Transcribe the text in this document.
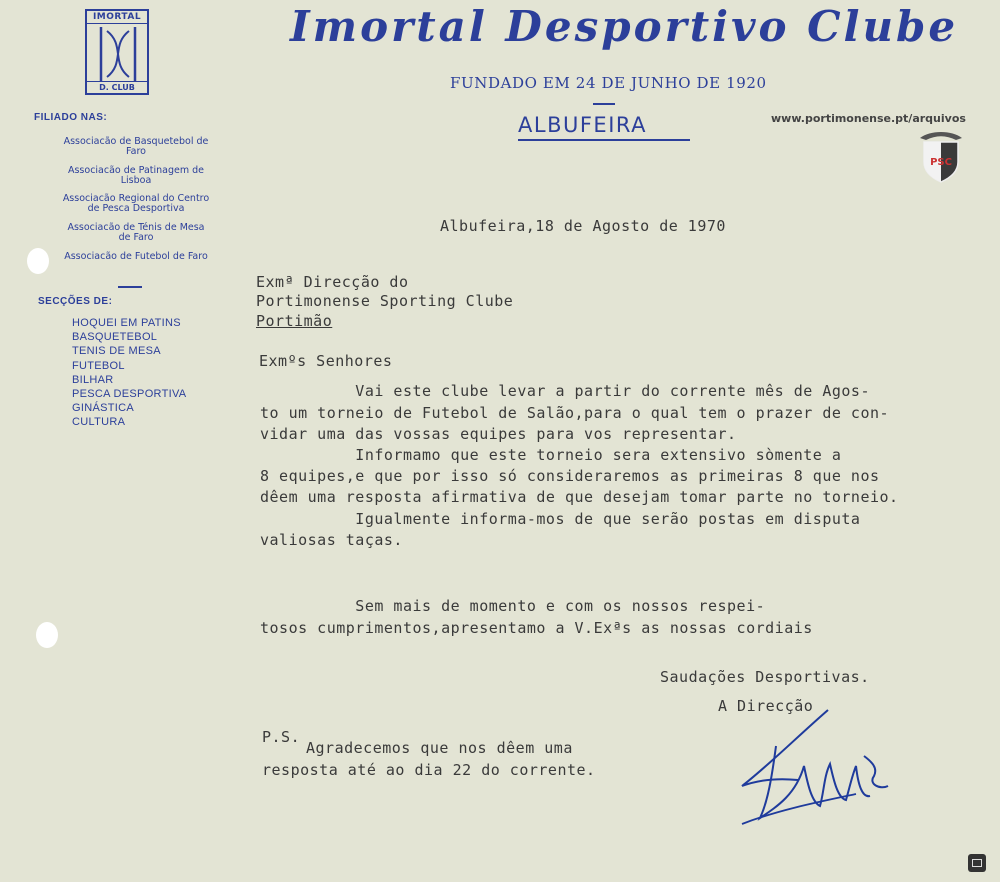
IMORTAL
D. CLUB
Imortal Desportivo Clube
FUNDADO EM 24 DE JUNHO DE 1920
ALBUFEIRA
FILIADO NAS:
Associacão de Basquetebol de Faro
Associacão de Patinagem de Lisboa
Associacão Regional do Centro de Pesca Desportiva
Associacão de Ténis de Mesa de Faro
Associacão de Futebol de Faro
SECÇÕES DE:
HOQUEI EM PATINS
BASQUETEBOL
TENIS DE MESA
FUTEBOL
BILHAR
PESCA DESPORTIVA
GINÁSTICA
CULTURA
www.portimonense.pt/arquivos
PSC
Albufeira,18 de Agosto de 1970
Exmª Direcção do
Portimonense Sporting Clube
Portimão
Exmºs Senhores
Vai este clube levar a partir do corrente mês de Agos-
to um torneio de Futebol de Salão,para o qual tem o prazer de con-
vidar uma das vossas equipes para vos representar.
Informamo que este torneio sera extensivo sòmente a
8 equipes,e que por isso só consideraremos as primeiras 8 que nos
dêem uma resposta afirmativa de que desejam tomar parte no torneio.
Igualmente informa-mos de que serão postas em disputa
valiosas taças.
Sem mais de momento e com os nossos respei-
tosos cumprimentos,apresentamo a V.Exªs as nossas cordiais
Saudações Desportivas.
A Direcção
P.S.
Agradecemos que nos dêem uma
resposta até ao dia 22 do corrente.
